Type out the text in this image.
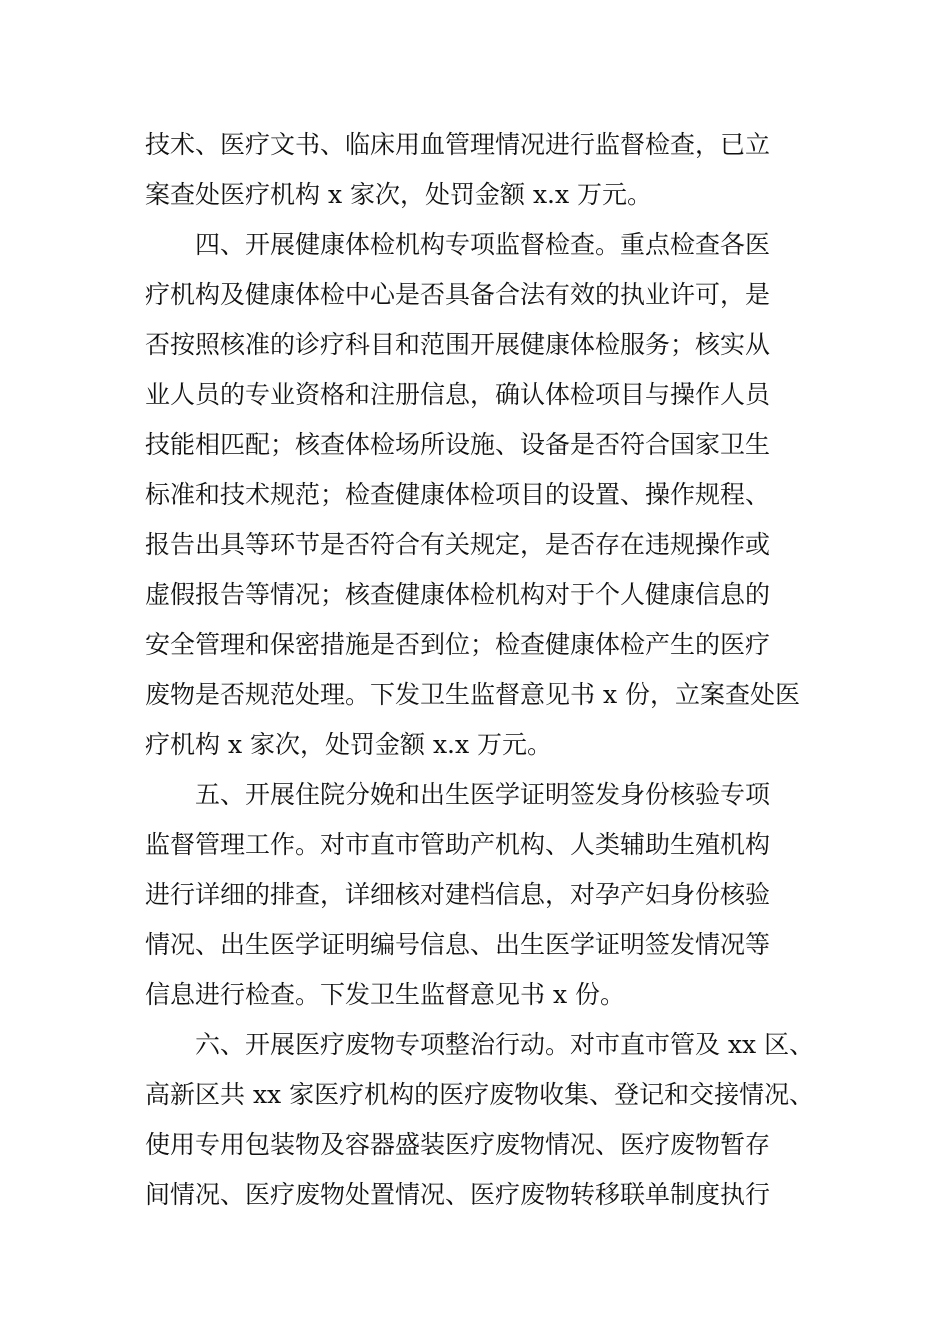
技术、医疗文书、临床用血管理情况进行监督检查，已立
案查处医疗机构 x 家次，处罚金额 x.x 万元。
四、开展健康体检机构专项监督检查。重点检查各医
疗机构及健康体检中心是否具备合法有效的执业许可，是
否按照核准的诊疗科目和范围开展健康体检服务；核实从
业人员的专业资格和注册信息，确认体检项目与操作人员
技能相匹配；核查体检场所设施、设备是否符合国家卫生
标准和技术规范；检查健康体检项目的设置、操作规程、
报告出具等环节是否符合有关规定，是否存在违规操作或
虚假报告等情况；核查健康体检机构对于个人健康信息的
安全管理和保密措施是否到位；检查健康体检产生的医疗
废物是否规范处理。下发卫生监督意见书 x 份，立案查处医
疗机构 x 家次，处罚金额 x.x 万元。
五、开展住院分娩和出生医学证明签发身份核验专项
监督管理工作。对市直市管助产机构、人类辅助生殖机构
进行详细的排查，详细核对建档信息，对孕产妇身份核验
情况、出生医学证明编号信息、出生医学证明签发情况等
信息进行检查。下发卫生监督意见书 x 份。
六、开展医疗废物专项整治行动。对市直市管及 xx 区、
高新区共 xx 家医疗机构的医疗废物收集、登记和交接情况、
使用专用包装物及容器盛装医疗废物情况、医疗废物暂存
间情况、医疗废物处置情况、医疗废物转移联单制度执行
